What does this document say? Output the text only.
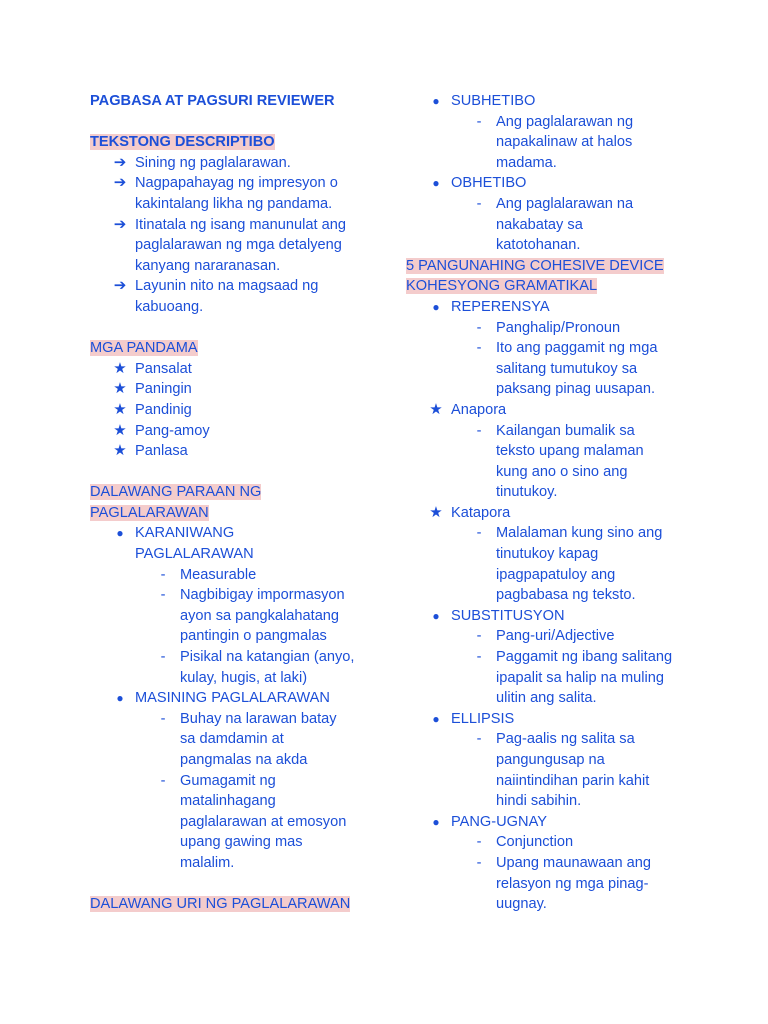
PAGBASA AT PAGSURI REVIEWER
TEKSTONG DESCRIPTIBO
➔ Sining ng paglalarawan.
➔ Nagpapahayag ng impresyon o kakintalang likha ng pandama.
➔ Itinatala ng isang manunulat ang paglalarawan ng mga detalyeng kanyang nararanasan.
➔ Layunin nito na magsaad ng kabuoang.
MGA PANDAMA
★ Pansalat
★ Paningin
★ Pandinig
★ Pang-amoy
★ Panlasa
DALAWANG PARAAN NG PAGLALARAWAN
● KARANIWANG PAGLALARAWAN
- Measurable
- Nagbibigay impormasyon ayon sa pangkalahatang pantingin o pangmalas
- Pisikal na katangian (anyo, kulay, hugis, at laki)
● MASINING PAGLALARAWAN
- Buhay na larawan batay sa damdamin at pangmalas na akda
- Gumagamit ng matalinhagang paglalarawan at emosyon upang gawing mas malalim.
DALAWANG URI NG PAGLALARAWAN
● SUBHETIBO
- Ang paglalarawan ng napakalinaw at halos madama.
● OBHETIBO
- Ang paglalarawan na nakabatay sa katotohanan.
5 PANGUNAHING COHESIVE DEVICE
KOHESYONG GRAMATIKAL
● REPERENSYA
- Panghalip/Pronoun
- Ito ang paggamit ng mga salitang tumutukoy sa paksang pinag uusapan.
★ Anapora
- Kailangan bumalik sa teksto upang malaman kung ano o sino ang tinutukoy.
★ Katapora
- Malalaman kung sino ang tinutukoy kapag ipagpapatuloy ang pagbabasa ng teksto.
● SUBSTITUSYON
- Pang-uri/Adjective
- Paggamit ng ibang salitang ipapalit sa halip na muling ulitin ang salita.
● ELLIPSIS
- Pag-aalis ng salita sa pangungusap na naiintindihan parin kahit hindi sabihin.
● PANG-UGNAY
- Conjunction
- Upang maunawaan ang relasyon ng mga pinag-uugnay.
